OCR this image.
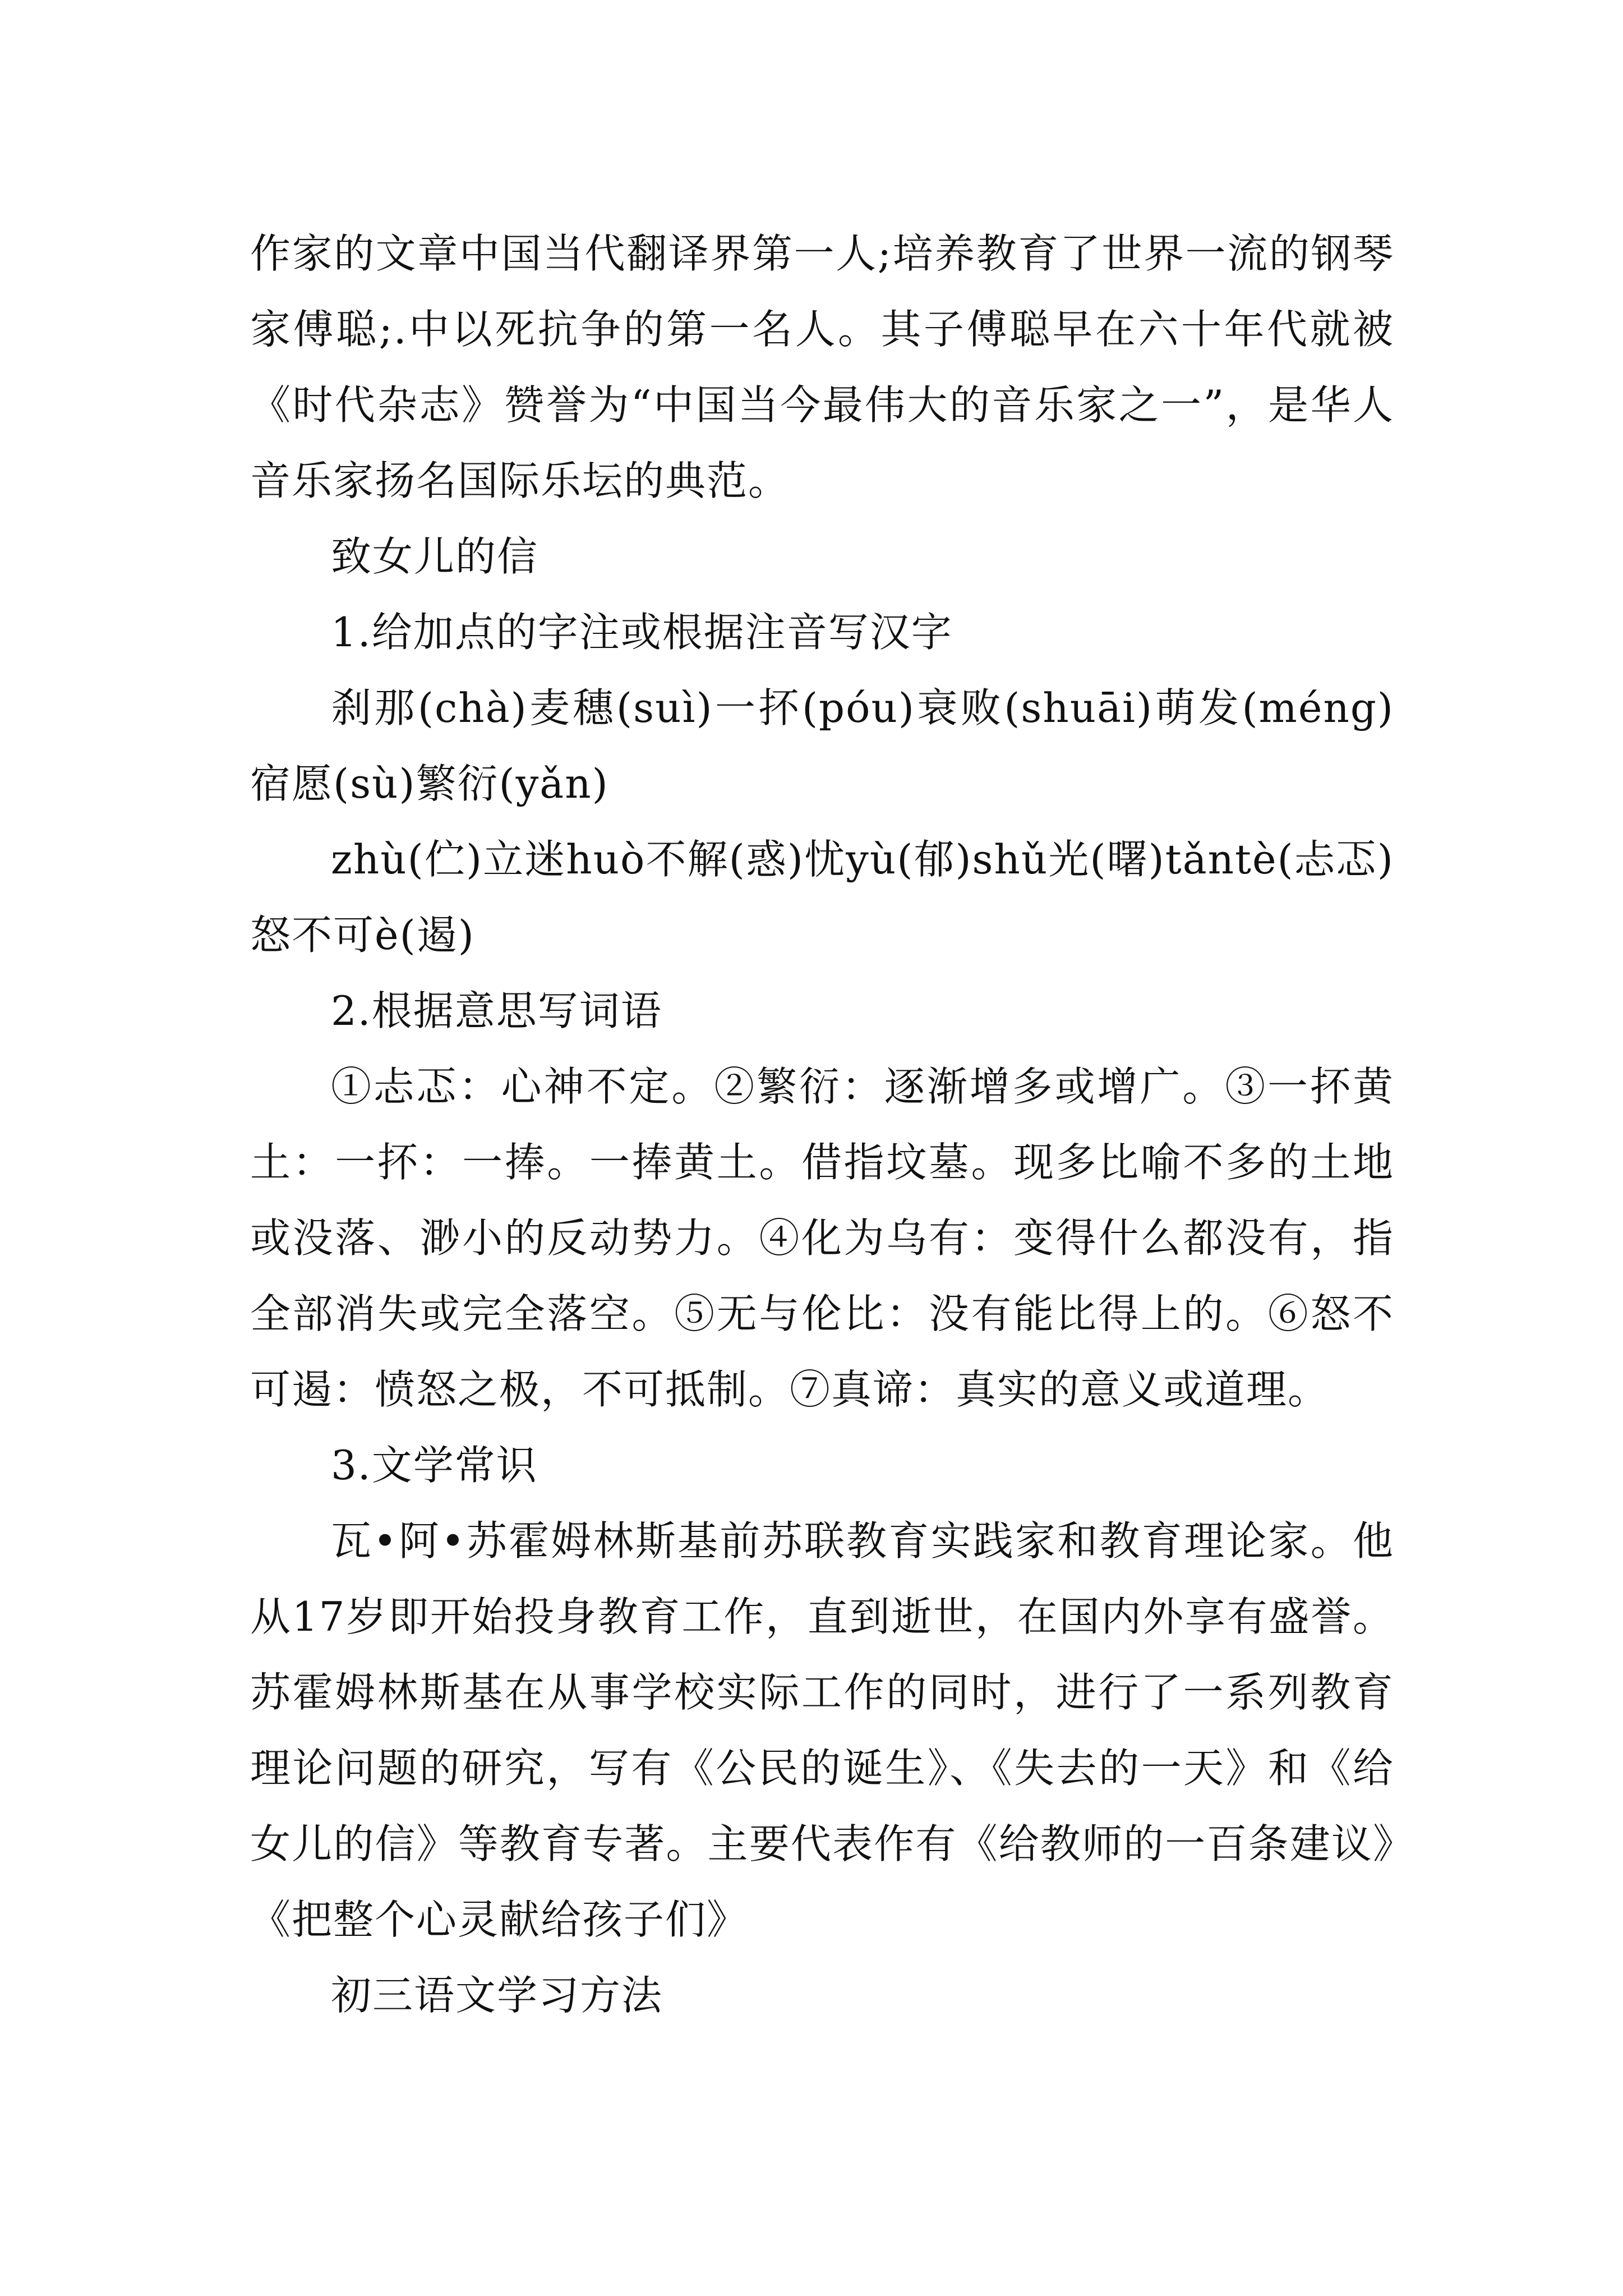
作家的文章中国当代翻译界第一人;培养教育了世界一流的钢琴家傅聪;.中以死抗争的第一名人。其子傅聪早在六十年代就被《时代杂志》赞誉为“中国当今最伟大的音乐家之一”，是华人音乐家扬名国际乐坛的典范。

致女儿的信

1.给加点的字注或根据注音写汉字

刹那(chà)麦穗(suì)一抔(póu)衰败(shuāi)萌发(méng)宿愿(sù)繁衍(yǎn)

zhù(伫)立迷huò不解(惑)忧yù(郁)shǔ光(曙)tǎntè(忐忑)怒不可è(遏)

2.根据意思写词语

①忐忑：心神不定。②繁衍：逐渐增多或增广。③一抔黄土：一抔：一捧。一捧黄土。借指坟墓。现多比喻不多的土地或没落、渺小的反动势力。④化为乌有：变得什么都没有，指全部消失或完全落空。⑤无与伦比：没有能比得上的。⑥怒不可遏：愤怒之极，不可抵制。⑦真谛：真实的意义或道理。

3.文学常识

瓦•阿•苏霍姆林斯基前苏联教育实践家和教育理论家。他从17岁即开始投身教育工作，直到逝世，在国内外享有盛誉。苏霍姆林斯基在从事学校实际工作的同时，进行了一系列教育理论问题的研究，写有《公民的诞生》、《失去的一天》和《给女儿的信》等教育专著。主要代表作有《给教师的一百条建议》《把整个心灵献给孩子们》

初三语文学习方法
